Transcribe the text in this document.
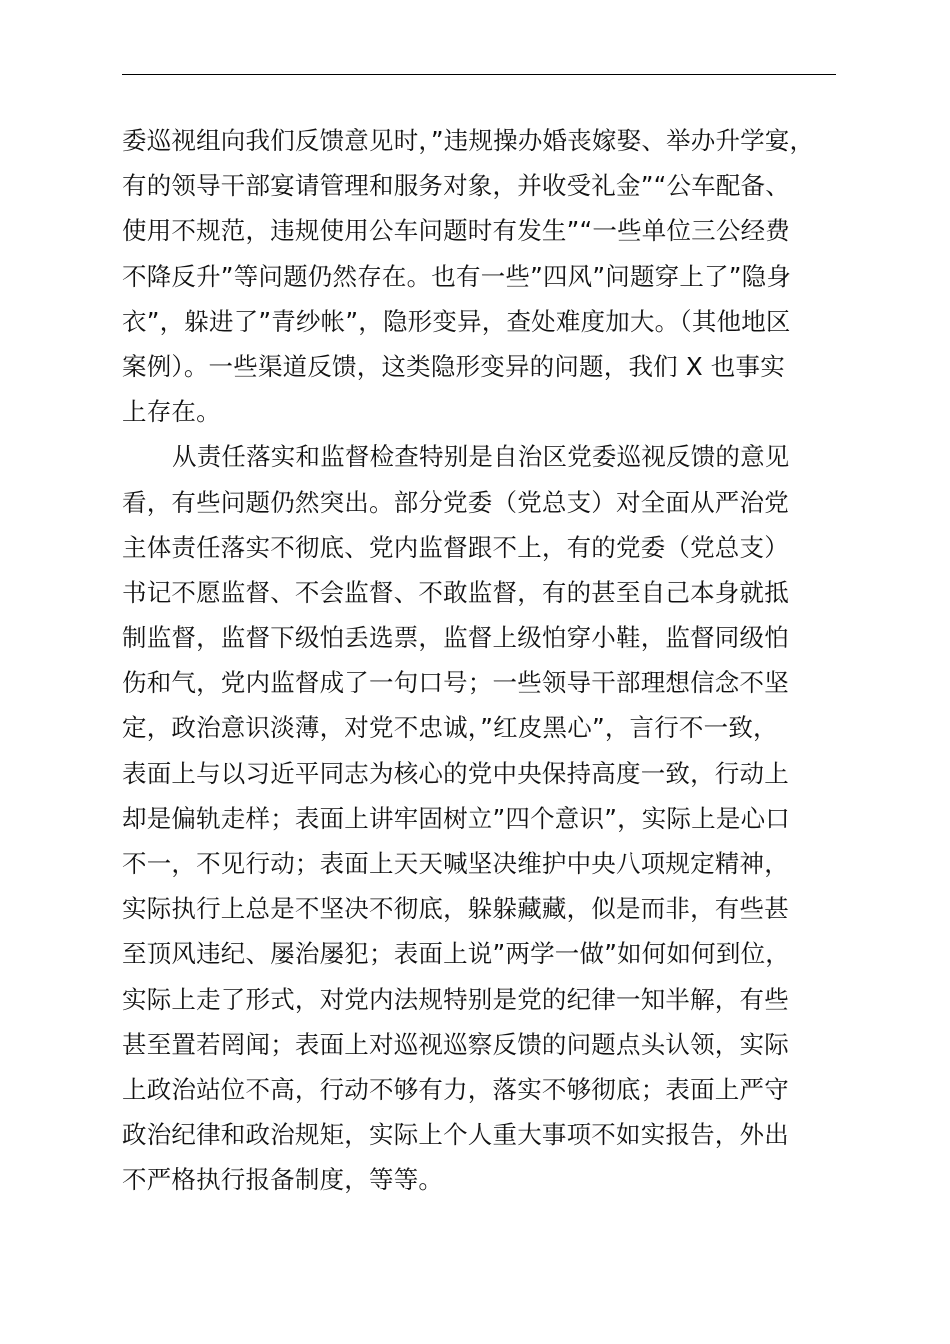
委巡视组向我们反馈意见时，”违规操办婚丧嫁娶、举办升学宴，
有的领导干部宴请管理和服务对象，并收受礼金”“公车配备、
使用不规范，违规使用公车问题时有发生”“一些单位三公经费
不降反升”等问题仍然存在。也有一些”四风”问题穿上了”隐身
衣”，躲进了”青纱帐”，隐形变异，查处难度加大。（其他地区
案例）。一些渠道反馈，这类隐形变异的问题，我们 X 也事实
上存在。
从责任落实和监督检查特别是自治区党委巡视反馈的意见
看，有些问题仍然突出。部分党委（党总支）对全面从严治党
主体责任落实不彻底、党内监督跟不上，有的党委（党总支）
书记不愿监督、不会监督、不敢监督，有的甚至自己本身就抵
制监督，监督下级怕丢选票，监督上级怕穿小鞋，监督同级怕
伤和气，党内监督成了一句口号；一些领导干部理想信念不坚
定，政治意识淡薄，对党不忠诚，”红皮黑心”，言行不一致，
表面上与以习近平同志为核心的党中央保持高度一致，行动上
却是偏轨走样；表面上讲牢固树立”四个意识”，实际上是心口
不一，不见行动；表面上天天喊坚决维护中央八项规定精神，
实际执行上总是不坚决不彻底，躲躲藏藏，似是而非，有些甚
至顶风违纪、屡治屡犯；表面上说”两学一做”如何如何到位，
实际上走了形式，对党内法规特别是党的纪律一知半解，有些
甚至置若罔闻；表面上对巡视巡察反馈的问题点头认领，实际
上政治站位不高，行动不够有力，落实不够彻底；表面上严守
政治纪律和政治规矩，实际上个人重大事项不如实报告，外出
不严格执行报备制度，等等。
